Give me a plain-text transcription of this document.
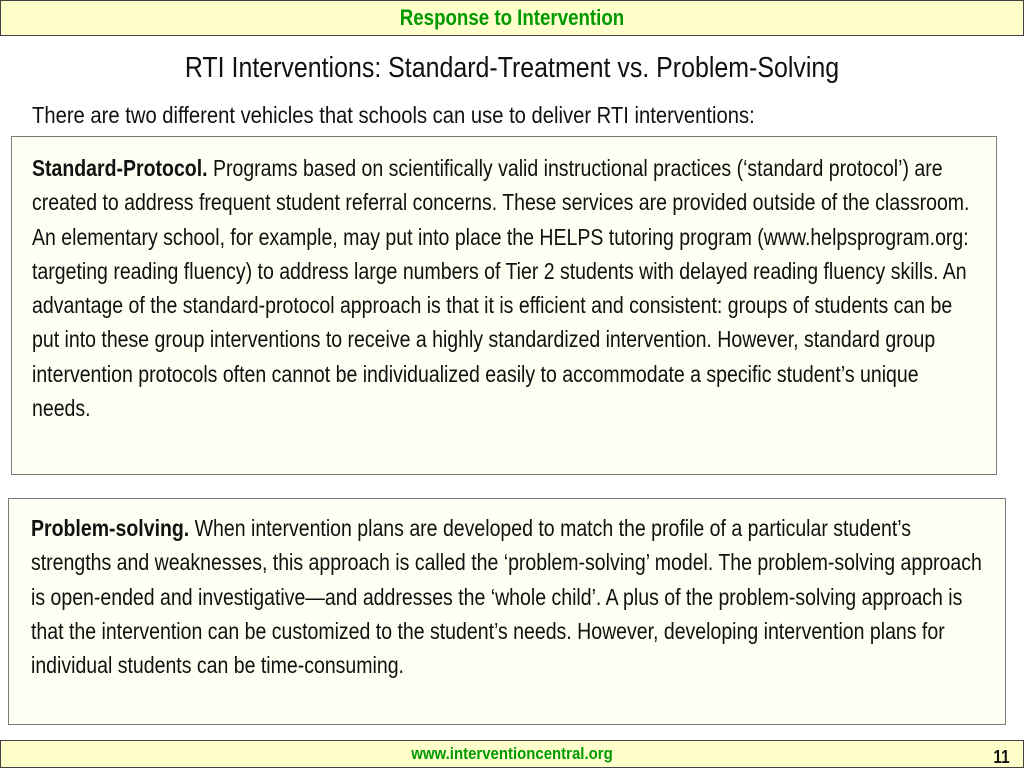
Response to Intervention
RTI Interventions: Standard-Treatment vs. Problem-Solving
There are two different vehicles that schools can use to deliver RTI interventions:
Standard-Protocol. Programs based on scientifically valid instructional practices (‘standard protocol’) are created to address frequent student referral concerns. These services are provided outside of the classroom. An elementary school, for example, may put into place the HELPS tutoring program (www.helpsprogram.org: targeting reading fluency) to address large numbers of Tier 2 students with delayed reading fluency skills. An advantage of the standard-protocol approach is that it is efficient and consistent: groups of students can be put into these group interventions to receive a highly standardized intervention. However, standard group intervention protocols often cannot be individualized easily to accommodate a specific student’s unique needs.
Problem-solving. When intervention plans are developed to match the profile of a particular student’s strengths and weaknesses, this approach is called the ‘problem-solving’ model. The problem-solving approach is open-ended and investigative—and addresses the ‘whole child’. A plus of the problem-solving approach is that the intervention can be customized to the student’s needs. However, developing intervention plans for individual students can be time-consuming.
www.interventioncentral.org	11
